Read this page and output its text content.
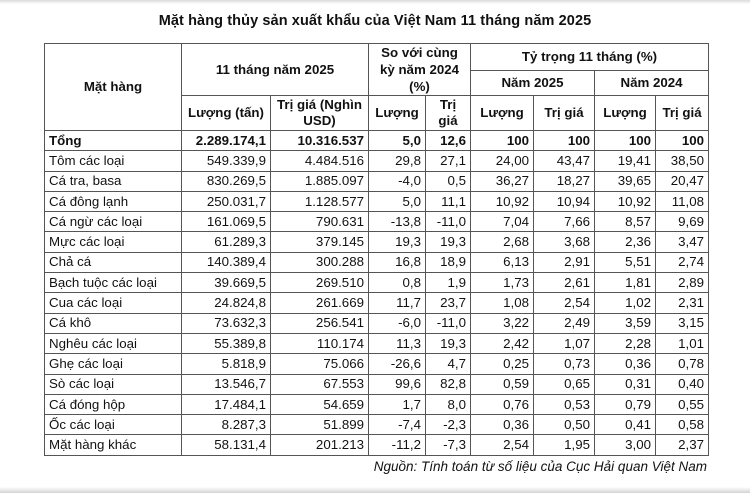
Mặt hàng thủy sản xuất khẩu của Việt Nam 11 tháng năm 2025
Mặt hàng	11 tháng năm 2025		So với cùng kỳ năm 2024 (%)		Tỷ trọng 11 tháng (%)			
					Năm 2025		Năm 2024	
	Lượng (tấn)	Trị giá (Nghìn USD)	Lượng	Trị giá	Lượng	Trị giá	Lượng	Trị giá
Tổng	2.289.174,1	10.316.537	5,0	12,6	100	100	100	100
Tôm các loại	549.339,9	4.484.516	29,8	27,1	24,00	43,47	19,41	38,50
Cá tra, basa	830.269,5	1.885.097	-4,0	0,5	36,27	18,27	39,65	20,47
Cá đông lạnh	250.031,7	1.128.577	5,0	11,1	10,92	10,94	10,92	11,08
Cá ngừ các loại	161.069,5	790.631	-13,8	-11,0	7,04	7,66	8,57	9,69
Mực các loại	61.289,3	379.145	19,3	19,3	2,68	3,68	2,36	3,47
Chả cá	140.389,4	300.288	16,8	18,9	6,13	2,91	5,51	2,74
Bạch tuộc các loại	39.669,5	269.510	0,8	1,9	1,73	2,61	1,81	2,89
Cua các loại	24.824,8	261.669	11,7	23,7	1,08	2,54	1,02	2,31
Cá khô	73.632,3	256.541	-6,0	-11,0	3,22	2,49	3,59	3,15
Nghêu các loại	55.389,8	110.174	11,3	19,3	2,42	1,07	2,28	1,01
Ghẹ các loại	5.818,9	75.066	-26,6	4,7	0,25	0,73	0,36	0,78
Sò các loại	13.546,7	67.553	99,6	82,8	0,59	0,65	0,31	0,40
Cá đóng hộp	17.484,1	54.659	1,7	8,0	0,76	0,53	0,79	0,55
Ốc các loại	8.287,3	51.899	-7,4	-2,3	0,36	0,50	0,41	0,58
Mặt hàng khác	58.131,4	201.213	-11,2	-7,3	2,54	1,95	3,00	2,37
Nguồn: Tính toán từ số liệu của Cục Hải quan Việt Nam
